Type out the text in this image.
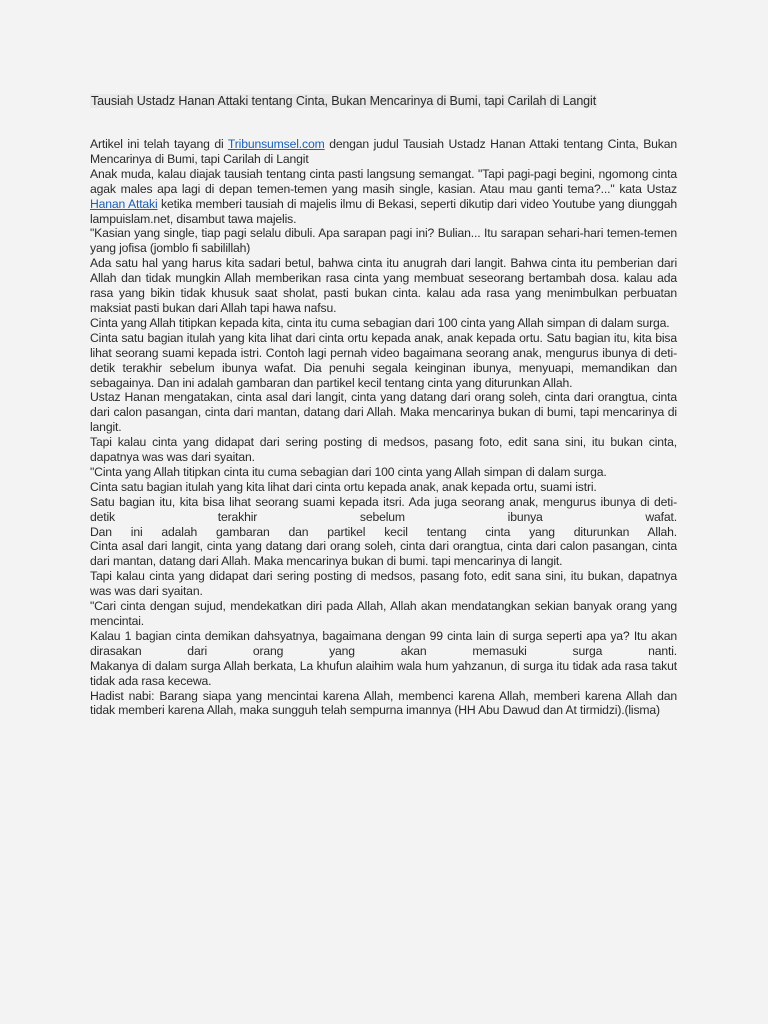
Tausiah Ustadz Hanan Attaki tentang Cinta, Bukan Mencarinya di Bumi, tapi Carilah di Langit

Artikel ini telah tayang di Tribunsumsel.com dengan judul Tausiah Ustadz Hanan Attaki tentang Cinta, Bukan Mencarinya di Bumi, tapi Carilah di Langit

Anak muda, kalau diajak tausiah tentang cinta pasti langsung semangat. "Tapi pagi-pagi begini, ngomong cinta agak males apa lagi di depan temen-temen yang masih single, kasian. Atau mau ganti tema?..." kata Ustaz Hanan Attaki ketika memberi tausiah di majelis ilmu di Bekasi, seperti dikutip dari video Youtube yang diunggah lampuislam.net, disambut tawa majelis.

"Kasian yang single, tiap pagi selalu dibuli. Apa sarapan pagi ini? Bulian... Itu sarapan sehari-hari temen-temen yang jofisa (jomblo fi sabilillah)

Ada satu hal yang harus kita sadari betul, bahwa cinta itu anugrah dari langit. Bahwa cinta itu pemberian dari Allah dan tidak mungkin Allah memberikan rasa cinta yang membuat seseorang bertambah dosa. kalau ada rasa yang bikin tidak khusuk saat sholat, pasti bukan cinta. kalau ada rasa yang menimbulkan perbuatan maksiat pasti bukan dari Allah tapi hawa nafsu.

Cinta yang Allah titipkan kepada kita, cinta itu cuma sebagian dari 100 cinta yang Allah simpan di dalam surga.

Cinta satu bagian itulah yang kita lihat dari cinta ortu kepada anak, anak kepada ortu. Satu bagian itu, kita bisa lihat seorang suami kepada istri. Contoh lagi pernah video bagaimana seorang anak, mengurus ibunya di deti-detik terakhir sebelum ibunya wafat. Dia penuhi segala keinginan ibunya, menyuapi, memandikan dan sebagainya. Dan ini adalah gambaran dan partikel kecil tentang cinta yang diturunkan Allah.

Ustaz Hanan mengatakan, cinta asal dari langit, cinta yang datang dari orang soleh, cinta dari orangtua, cinta dari calon pasangan, cinta dari mantan, datang dari Allah. Maka mencarinya bukan di bumi, tapi mencarinya di langit.

Tapi kalau cinta yang didapat dari sering posting di medsos, pasang foto, edit sana sini, itu bukan cinta, dapatnya was was dari syaitan.

"Cinta yang Allah titipkan cinta itu cuma sebagian dari 100 cinta yang Allah simpan di dalam surga.

Cinta satu bagian itulah yang kita lihat dari cinta ortu kepada anak, anak kepada ortu, suami istri.

Satu bagian itu, kita bisa lihat seorang suami kepada itsri. Ada juga seorang anak, mengurus ibunya di deti-detik terakhir sebelum ibunya wafat.

Dan ini adalah gambaran dan partikel kecil tentang cinta yang diturunkan Allah.

Cinta asal dari langit, cinta yang datang dari orang soleh, cinta dari orangtua, cinta dari calon pasangan, cinta dari mantan, datang dari Allah. Maka mencarinya bukan di bumi. tapi mencarinya di langit.

Tapi kalau cinta yang didapat dari sering posting di medsos, pasang foto, edit sana sini, itu bukan, dapatnya was was dari syaitan.

"Cari cinta dengan sujud, mendekatkan diri pada Allah, Allah akan mendatangkan sekian banyak orang yang mencintai.

Kalau 1 bagian cinta demikan dahsyatnya, bagaimana dengan 99 cinta lain di surga seperti apa ya? Itu akan dirasakan dari orang yang akan memasuki surga nanti.

Makanya di dalam surga Allah berkata, La khufun alaihim wala hum yahzanun, di surga itu tidak ada rasa takut tidak ada rasa kecewa.

Hadist nabi: Barang siapa yang mencintai karena Allah, membenci karena Allah, memberi karena Allah dan tidak memberi karena Allah, maka sungguh telah sempurna imannya (HH Abu Dawud dan At tirmidzi).(lisma)
